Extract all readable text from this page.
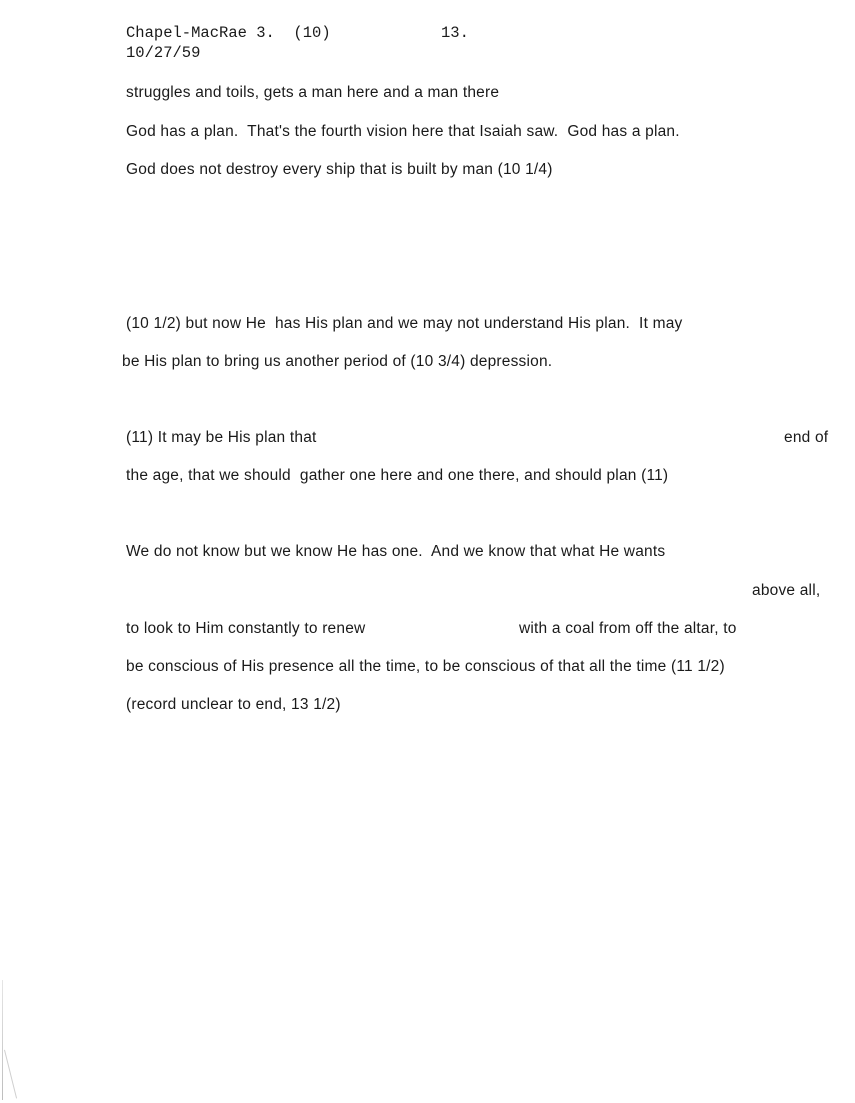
Chapel-MacRae 3.  (10)	13.
10/27/59
struggles and toils, gets a man here and a man there
God has a plan.  That's the fourth vision here that Isaiah saw.  God has a plan.
God does not destroy every ship that is built by man (10 1/4)
(10 1/2) but now He  has His plan and we may not understand His plan.  It may
be His plan to bring us another period of (10 3/4) depression.
(11) It may be His plan that	end of
the age, that we should  gather one here and one there, and should plan (11)
We do not know but we know He has one.  And we know that what He wants
above all,
to look to Him constantly to renew	with a coal from off the altar, to
be conscious of His presence all the time, to be conscious of that all the time (11 1/2)
(record unclear to end, 13 1/2)
